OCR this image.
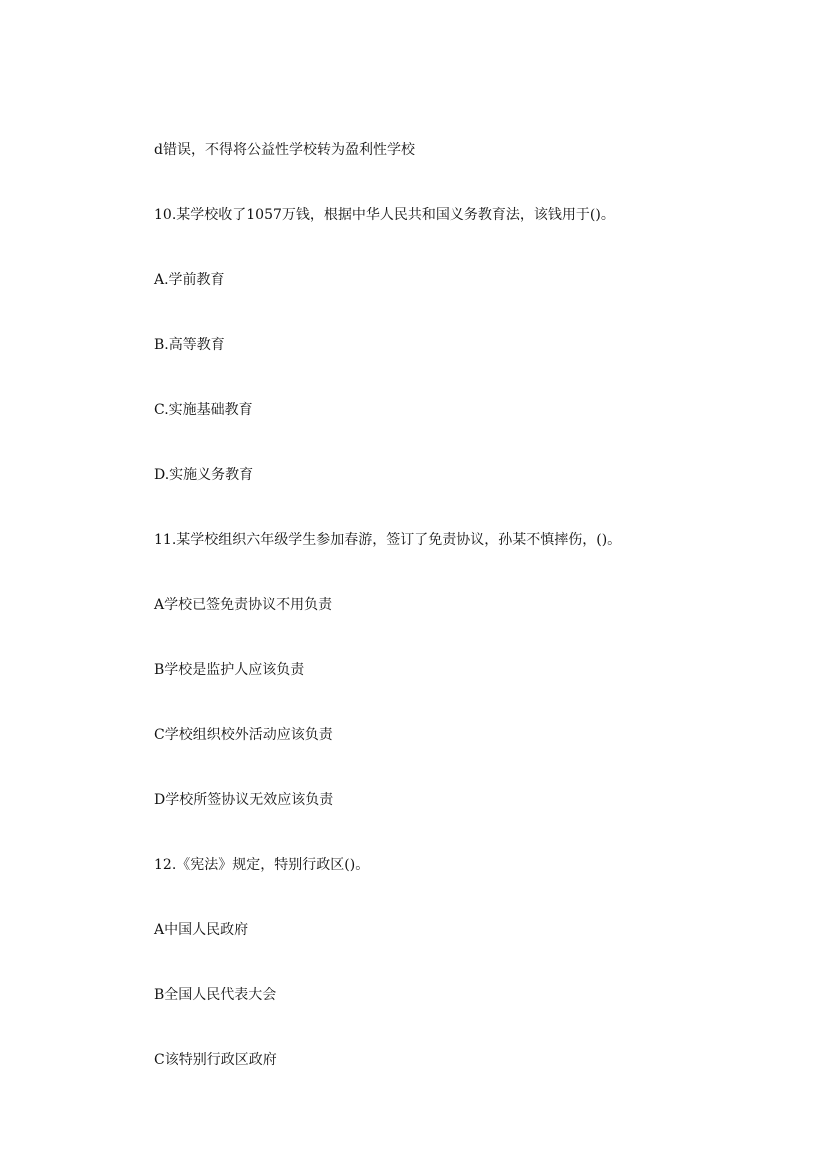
d错误，不得将公益性学校转为盈利性学校
10.某学校收了1057万钱，根据中华人民共和国义务教育法，该钱用于()。
A.学前教育
B.高等教育
C.实施基础教育
D.实施义务教育
11.某学校组织六年级学生参加春游，签订了免责协议，孙某不慎摔伤，()。
A学校已签免责协议不用负责
B学校是监护人应该负责
C学校组织校外活动应该负责
D学校所签协议无效应该负责
12.《宪法》规定，特别行政区()。
A中国人民政府
B全国人民代表大会
C该特别行政区政府
